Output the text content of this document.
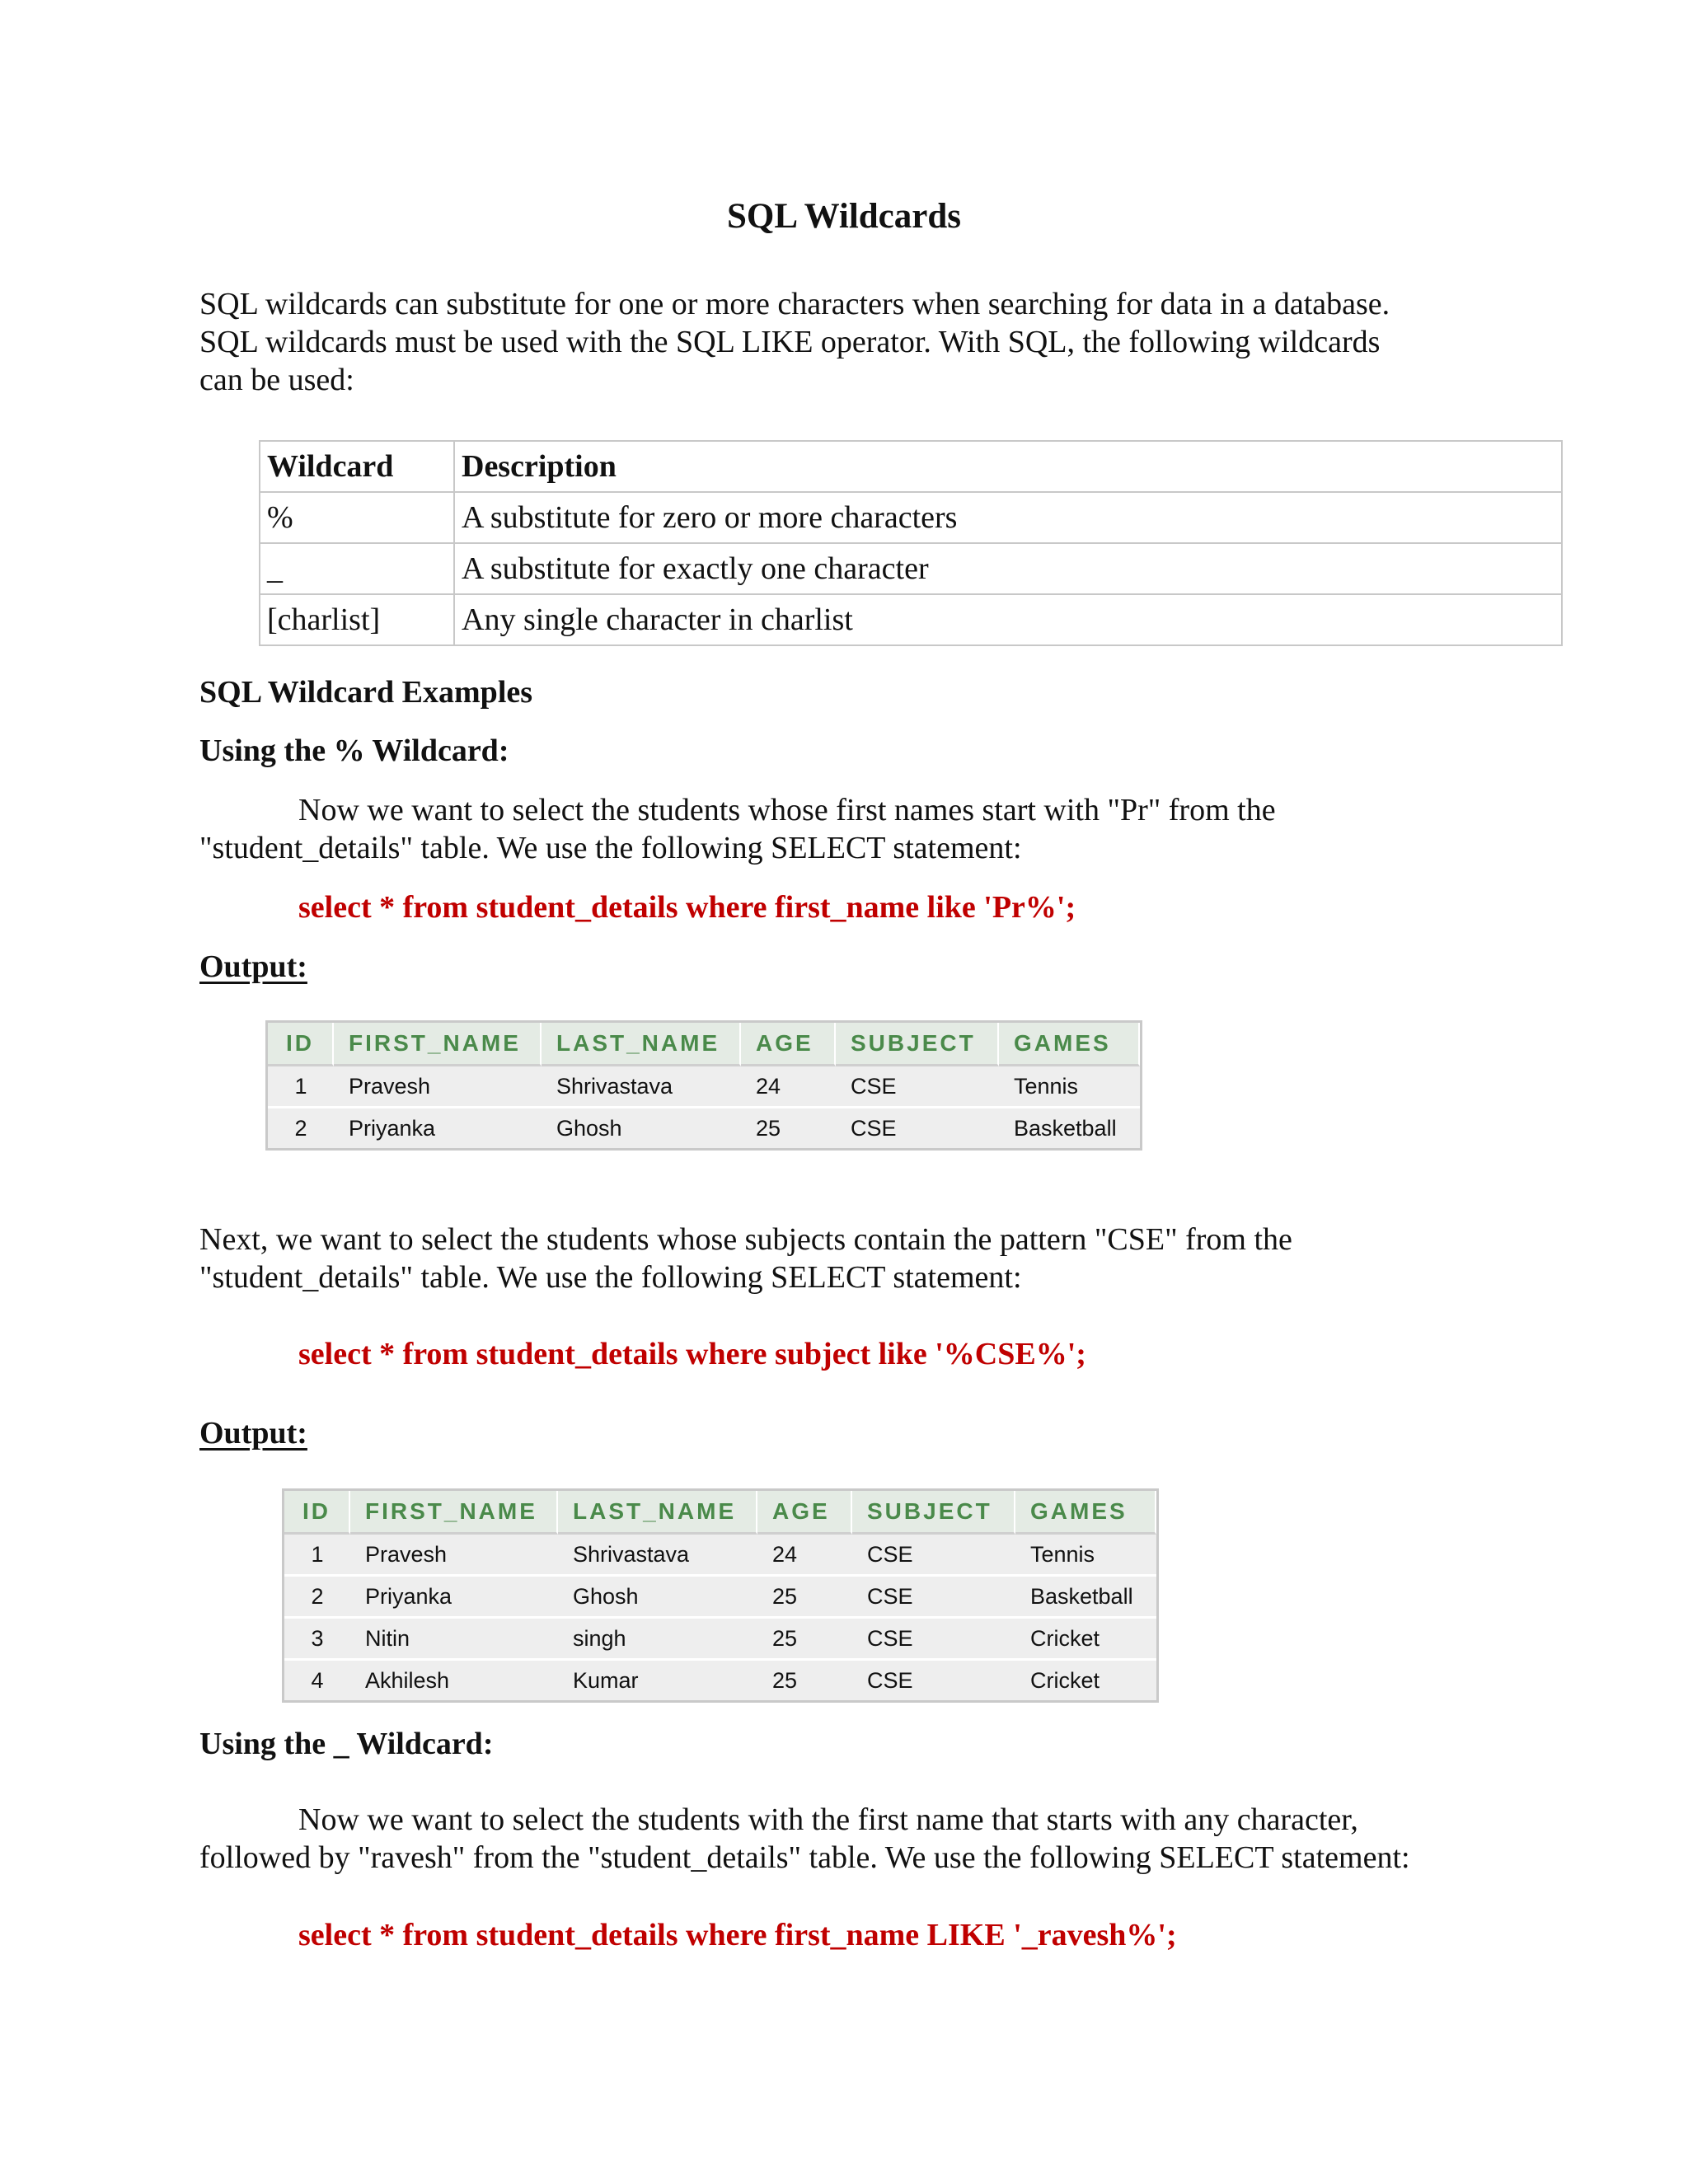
SQL Wildcards
SQL wildcards can substitute for one or more characters when searching for data in a database.
SQL wildcards must be used with the SQL LIKE operator. With SQL, the following wildcards
can be used:
Wildcard	Description
%	A substitute for zero or more characters
_	A substitute for exactly one character
[charlist]	Any single character in charlist
SQL Wildcard Examples
Using the % Wildcard:
Now we want to select the students whose first names start with "Pr" from the
"student_details" table. We use the following SELECT statement:
select * from student_details where first_name like 'Pr%';
Output:
ID	FIRST_NAME	LAST_NAME	AGE	SUBJECT	GAMES
1	Pravesh	Shrivastava	24	CSE	Tennis
2	Priyanka	Ghosh	25	CSE	Basketball
Next, we want to select the students whose subjects contain the pattern "CSE" from the
"student_details" table. We use the following SELECT statement:
select * from student_details where subject like '%CSE%';
Output:
ID	FIRST_NAME	LAST_NAME	AGE	SUBJECT	GAMES
1	Pravesh	Shrivastava	24	CSE	Tennis
2	Priyanka	Ghosh	25	CSE	Basketball
3	Nitin	singh	25	CSE	Cricket
4	Akhilesh	Kumar	25	CSE	Cricket
Using the _ Wildcard:
Now we want to select the students with the first name that starts with any character,
followed by "ravesh" from the "student_details" table. We use the following SELECT statement:
select * from student_details where first_name LIKE '_ravesh%';
